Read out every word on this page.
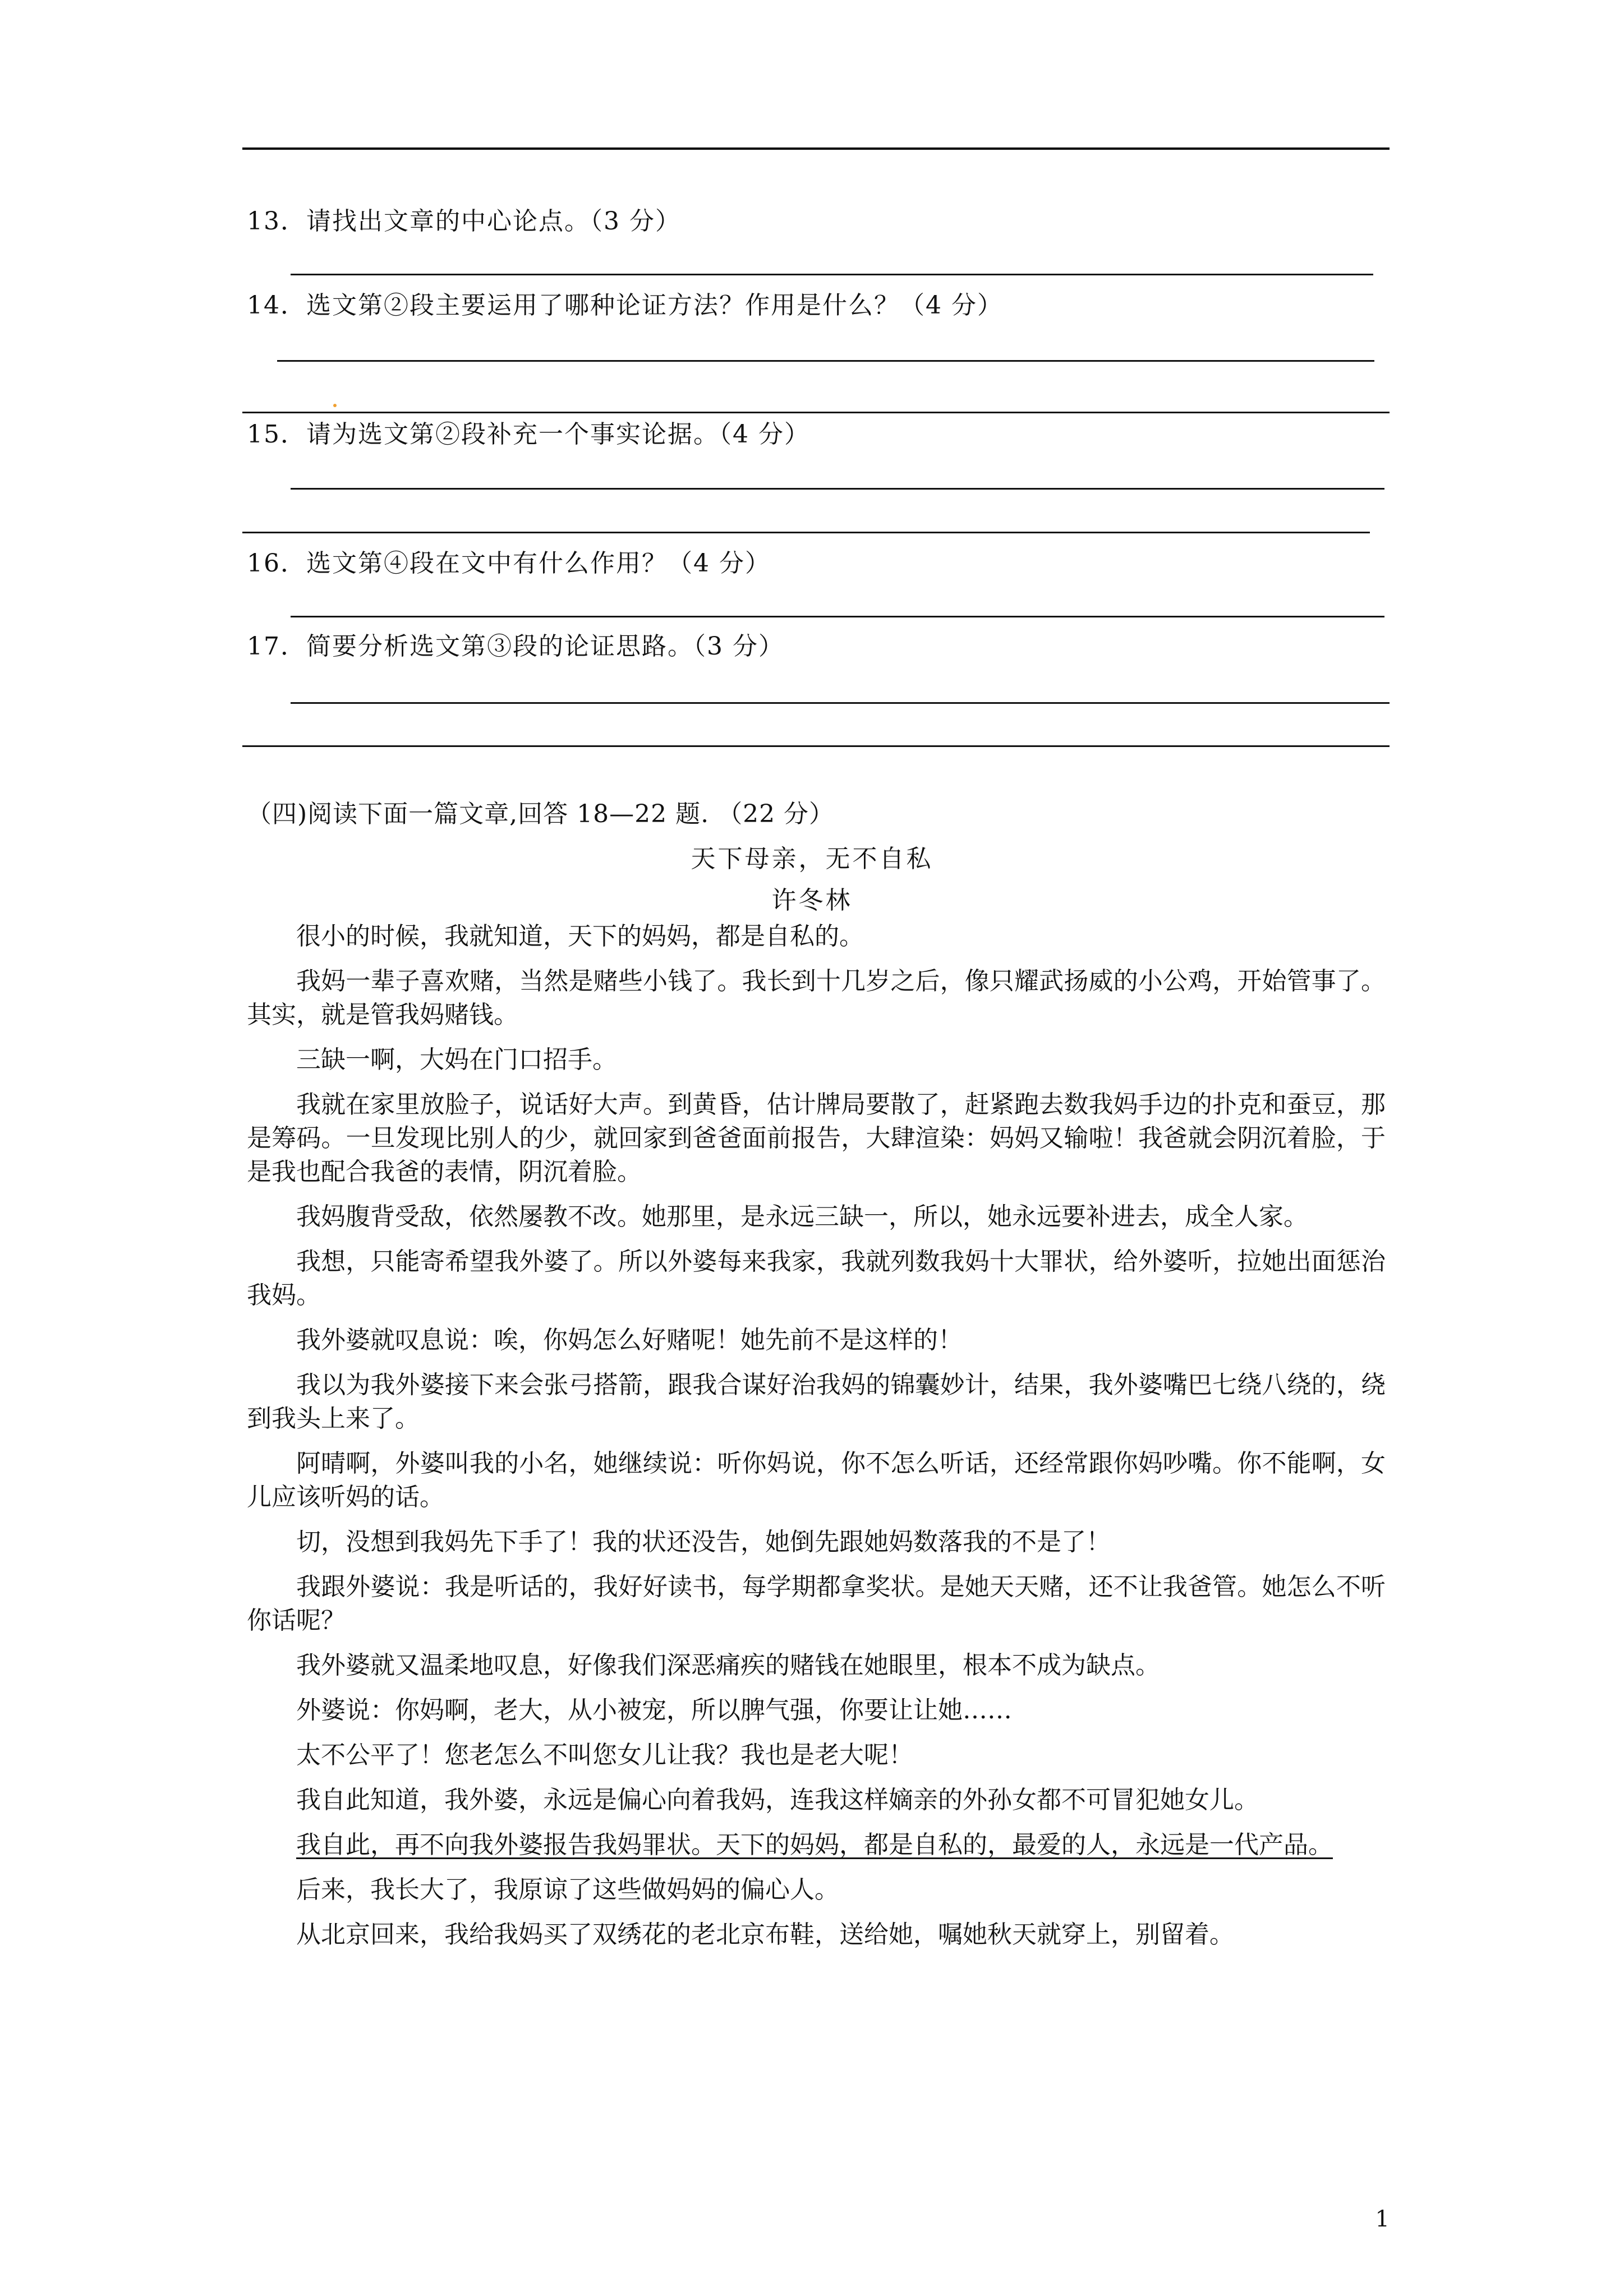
13．请找出文章的中心论点。（3 分）
14．选文第②段主要运用了哪种论证方法？作用是什么？（4 分）
15．请为选文第②段补充一个事实论据。（4 分）
16．选文第④段在文中有什么作用？（4 分）
17．简要分析选文第③段的论证思路。（3 分）
（四)阅读下面一篇文章,回答 18—22 题. （22 分）
天下母亲，无不自私
许冬林

很小的时候，我就知道，天下的妈妈，都是自私的。

我妈一辈子喜欢赌，当然是赌些小钱了。我长到十几岁之后，像只耀武扬威的小公鸡，开始管事了。其实，就是管我妈赌钱。

三缺一啊，大妈在门口招手。

我就在家里放脸子，说话好大声。到黄昏，估计牌局要散了，赶紧跑去数我妈手边的扑克和蚕豆，那是筹码。一旦发现比别人的少，就回家到爸爸面前报告，大肆渲染：妈妈又输啦！我爸就会阴沉着脸，于是我也配合我爸的表情，阴沉着脸。

我妈腹背受敌，依然屡教不改。她那里，是永远三缺一，所以，她永远要补进去，成全人家。

我想，只能寄希望我外婆了。所以外婆每来我家，我就列数我妈十大罪状，给外婆听，拉她出面惩治我妈。

我外婆就叹息说：唉，你妈怎么好赌呢！她先前不是这样的！

我以为我外婆接下来会张弓搭箭，跟我合谋好治我妈的锦囊妙计，结果，我外婆嘴巴七绕八绕的，绕到我头上来了。

阿晴啊，外婆叫我的小名，她继续说：听你妈说，你不怎么听话，还经常跟你妈吵嘴。你不能啊，女儿应该听妈的话。

切，没想到我妈先下手了！我的状还没告，她倒先跟她妈数落我的不是了！

我跟外婆说：我是听话的，我好好读书，每学期都拿奖状。是她天天赌，还不让我爸管。她怎么不听你话呢？

我外婆就又温柔地叹息，好像我们深恶痛疾的赌钱在她眼里，根本不成为缺点。

外婆说：你妈啊，老大，从小被宠，所以脾气强，你要让让她……

太不公平了！您老怎么不叫您女儿让我？我也是老大呢！

我自此知道，我外婆，永远是偏心向着我妈，连我这样嫡亲的外孙女都不可冒犯她女儿。

我自此，再不向我外婆报告我妈罪状。天下的妈妈，都是自私的，最爱的人，永远是一代产品。

后来，我长大了，我原谅了这些做妈妈的偏心人。

从北京回来，我给我妈买了双绣花的老北京布鞋，送给她，嘱她秋天就穿上，别留着。

1
